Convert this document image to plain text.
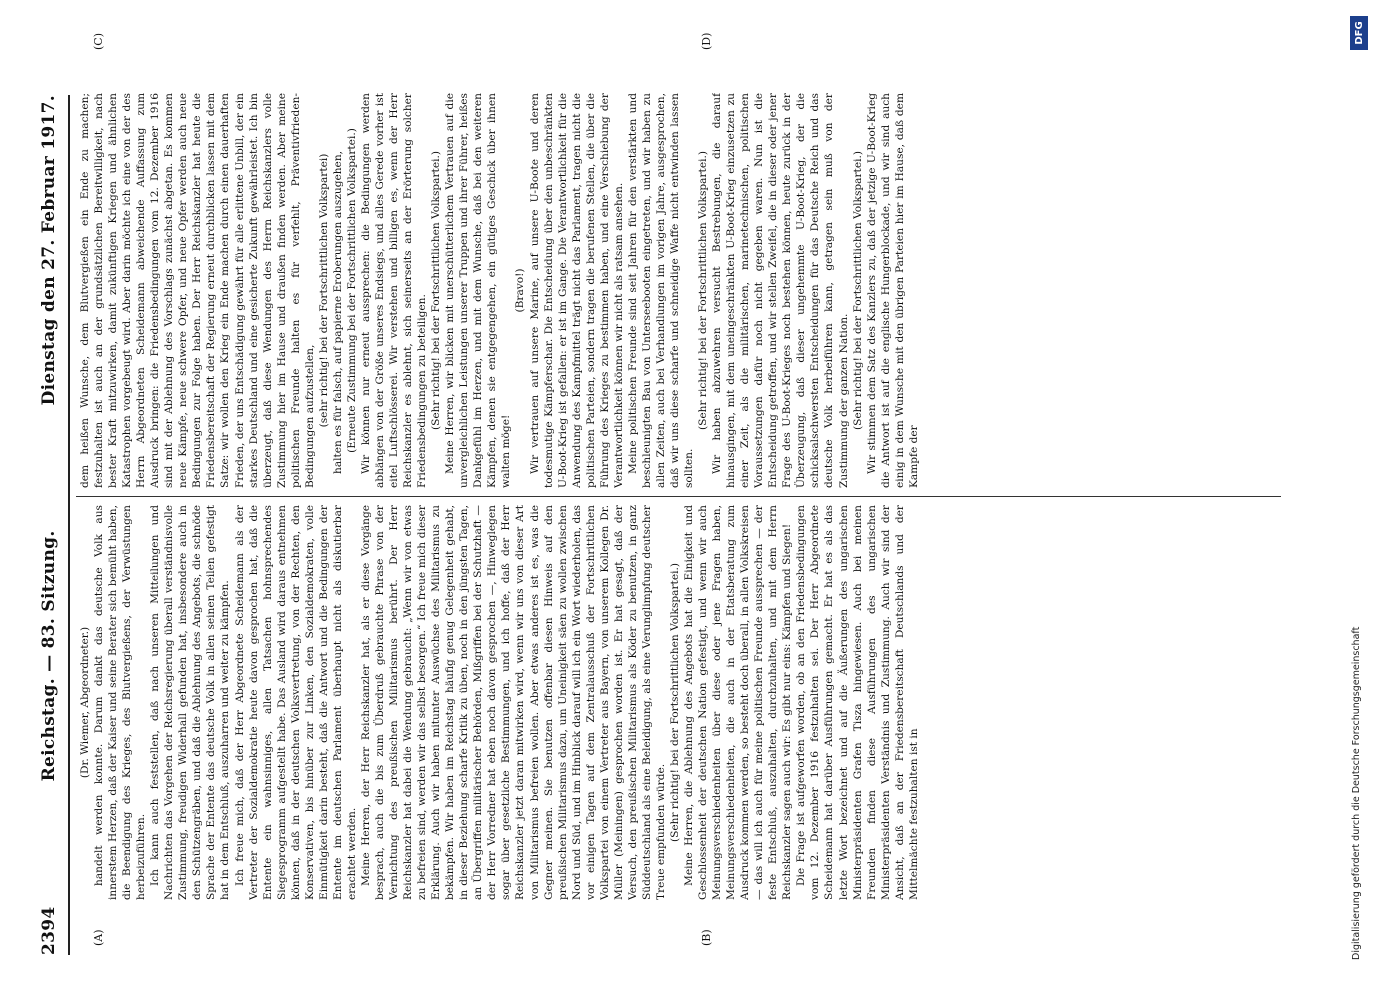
2394
Reichstag. — 83. Sitzung.
Dienstag den 27. Februar 1917.
(A)	(B)
(C)	(D)

(Dr. Wiemer, Abgeordneter.) handelt werden konnte. Darum dankt das deutsche Volk aus innerstem Herzen, daß der Kaiser und seine Berater sich bemüht haben, die Beendigung des Krieges, des Blutvergießens, der Verwüstungen herbeizuführen. Ich kann auch feststellen, daß nach unseren Mitteilungen und Nachrichten das Vorgehen der Reichsregierung überall verständnisvolle Zustimmung, freudigen Widerhall gefunden hat, insbesondere auch in den Schützengräben, und daß die Ablehnung des Angebots, die schnöde Sprache der Entente das deutsche Volk in allen seinen Teilen gefestigt hat in dem Entschluß, auszuharren und weiter zu kämpfen. Ich freue mich, daß der Herr Abgeordnete Scheidemann als der Vertreter der Sozialdemokratie heute davon gesprochen hat, daß die Entente ein wahnsinniges, allen Tatsachen hohnsprechendes Siegesprogramm aufgestellt habe. Das Ausland wird daraus entnehmen können, daß in der deutschen Volksvertretung, von der Rechten, den Konservativen, bis hinüber zur Linken, den Sozialdemokraten, volle Einmütigkeit darin besteht, daß die Antwort und die Bedingungen der Entente im deutschen Parlament überhaupt nicht als diskutierbar erachtet werden. Meine Herren, der Herr Reichskanzler hat, als er diese Vorgänge besprach, auch die bis zum Überdruß gebrauchte Phrase von der Vernichtung des preußischen Militarismus berührt. Der Herr Reichskanzler hat dabei die Wendung gebraucht: „Wenn wir von etwas zu befreien sind, werden wir das selbst besorgen.“ Ich freue mich dieser Erklärung. Auch wir haben mitunter Auswüchse des Militarismus zu bekämpfen. Wir haben im Reichstag häufig genug Gelegenheit gehabt, in dieser Beziehung scharfe Kritik zu üben, noch in den jüngsten Tagen, an Übergriffen militärischer Behörden, Mißgriffen bei der Schutzhaft — der Herr Vorredner hat eben noch davon gesprochen —, Hinweglegen sogar über gesetzliche Bestimmungen, und ich hoffe, daß der Herr Reichskanzler jetzt daran mitwirken wird, wenn wir uns von dieser Art von Militarismus befreien wollen. Aber etwas anderes ist es, was die Gegner meinen. Sie benutzen offenbar diesen Hinweis auf den preußischen Militarismus dazu, um Uneinigkeit säen zu wollen zwischen Nord und Süd, und im Hinblick darauf will ich ein Wort wiederholen, das vor einigen Tagen auf dem Zentralausschuß der Fortschrittlichen Volkspartei von einem Vertreter aus Bayern, von unserem Kollegen Dr. Müller (Meiningen) gesprochen worden ist. Er hat gesagt, daß der Versuch, den preußischen Militarismus als Köder zu benutzen, in ganz Süddeutschland als eine Beleidigung, als eine Verunglimpfung deutscher Treue empfunden würde. (Sehr richtig! bei der Fortschrittlichen Volkspartei.) Meine Herren, die Ablehnung des Angebots hat die Einigkeit und Geschlossenheit der deutschen Nation gefestigt, und wenn wir auch Meinungsverschiedenheiten über diese oder jene Fragen haben, Meinungsverschiedenheiten, die auch in der Etatsberatung zum Ausdruck kommen werden, so besteht doch überall, in allen Volkskreisen — das will ich auch für meine politischen Freunde aussprechen — der feste Entschluß, auszuhalten, durchzuhalten, und mit dem Herrn Reichskanzler sagen auch wir: Es gibt nur eins: Kämpfen und Siegen! Die Frage ist aufgeworfen worden, ob an den Friedensbedingungen vom 12. Dezember 1916 festzuhalten sei. Der Herr Abgeordnete Scheidemann hat darüber Ausführungen gemacht. Er hat es als das letzte Wort bezeichnet und auf die Äußerungen des ungarischen Ministerpräsidenten Grafen Tisza hingewiesen. Auch bei meinen Freunden finden diese Ausführungen des ungarischen Ministerpräsidenten Verständnis und Zustimmung. Auch wir sind der Ansicht, daß an der Friedensbereitschaft Deutschlands und der Mittelmächte festzuhalten ist in

dem heißen Wunsche, dem Blutvergießen ein Ende zu machen; festzuhalten ist auch an der grundsätzlichen Bereitwilligkeit, nach bester Kraft mitzuwirken, damit zukünftigen Kriegen und ähnlichen Katastrophen vorgebeugt wird. Aber darin möchte ich eine von der des Herrn Abgeordneten Scheidemann abweichende Auffassung zum Ausdruck bringen: die Friedensbedingungen vom 12. Dezember 1916 sind mit der Ablehnung des Vorschlags zunächst abgetan. Es kommen neue Kämpfe, neue schwere Opfer, und neue Opfer werden auch neue Bedingungen zur Folge haben. Der Herr Reichskanzler hat heute die Friedensbereitschaft der Regierung erneut durchblicken lassen mit dem Satze: wir wollen den Krieg ein Ende machen durch einen dauerhaften Frieden, der uns Entschädigung gewährt für alle erlittene Unbill, der ein starkes Deutschland und eine gesicherte Zukunft gewährleistet. Ich bin überzeugt, daß diese Wendungen des Herrn Reichskanzlers volle Zustimmung hier im Hause und draußen finden werden. Aber meine politischen Freunde halten es für verfehlt, Präventivfrieden-Bedingungen aufzustellen, (sehr richtig! bei der Fortschrittlichen Volkspartei) halten es für falsch, auf papierne Eroberungen auszugehen, (Erneute Zustimmung bei der Fortschrittlichen Volkspartei.) Wir können nur erneut aussprechen: die Bedingungen werden abhängen von der Größe unseres Endsiegs, und alles Gerede vorher ist eitel Luftschlösserei. Wir verstehen und billigen es, wenn der Herr Reichskanzler es ablehnt, sich seinerseits an der Erörterung solcher Friedensbedingungen zu beteiligen. (Sehr richtig! bei der Fortschrittlichen Volkspartei.) Meine Herren, wir blicken mit unerschütterlichem Vertrauen auf die unvergleichlichen Leistungen unserer Truppen und ihrer Führer, heißes Dankgefühl im Herzen, und mit dem Wunsche, daß bei den weiteren Kämpfen, denen sie entgegengehen, ein gütiges Geschick über ihnen walten möge!

(Bravo!) Wir vertrauen auf unsere Marine, auf unsere U-Boote und deren todesmutige Kämpferschar. Die Entscheidung über den unbeschränkten U-Boot-Krieg ist gefallen: er ist im Gange. Die Verantwortlichkeit für die Anwendung des Kampfmittel trägt nicht das Parlament, tragen nicht die politischen Parteien, sondern tragen die berufenen Stellen, die über die Führung des Krieges zu bestimmen haben, und eine Verschiebung der Verantwortlichkeit können wir nicht als ratsam ansehen. Meine politischen Freunde sind seit Jahren für den verstärkten und beschleunigten Bau von Unterseebooten eingetreten, und wir haben zu allen Zeiten, auch bei Verhandlungen im vorigen Jahre, ausgesprochen, daß wir uns diese scharfe und schneidige Waffe nicht entwinden lassen sollten.

(Sehr richtig! bei der Fortschrittlichen Volkspartei.) Wir haben abzuwehren versucht Bestrebungen, die darauf hinausgingen, mit dem uneingeschränkten U-Boot-Krieg einzusetzen zu einer Zeit, als die militärischen, marinetechnischen, politischen Voraussetzungen dafür noch nicht gegeben waren. Nun ist die Entscheidung getroffen, und wir stellen Zweifel, die in dieser oder jener Frage des U-Boot-Krieges noch bestehen können, heute zurück in der Überzeugung, daß dieser ungehemmte U-Boot-Krieg, der die schicksalschwersten Entscheidungen für das Deutsche Reich und das deutsche Volk herbeiführen kann, getragen sein muß von der Zustimmung der ganzen Nation. (Sehr richtig! bei der Fortschrittlichen Volkspartei.) Wir stimmen dem Satz des Kanzlers zu, daß der jetzige U-Boot-Krieg die Antwort ist auf die englische Hungerblockade, und wir sind auch einig in dem Wunsche mit den übrigen Parteien hier im Hause, daß dem Kampfe der

Digitalisierung gefördert durch die Deutsche Forschungsgemeinschaft
DFG
